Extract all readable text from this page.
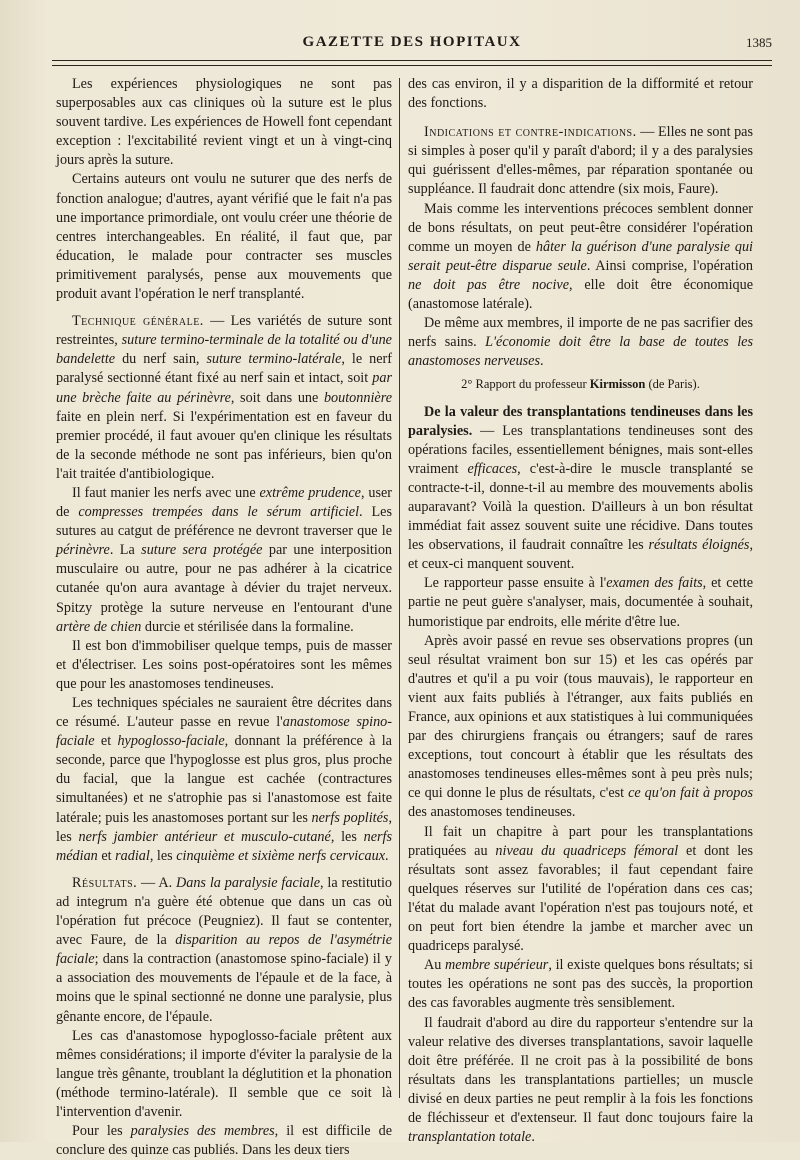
GAZETTE DES HOPITAUX	1385

Les expériences physiologiques ne sont pas superposables aux cas cliniques où la suture est le plus souvent tardive. Les expériences de Howell font cependant exception : l'excitabilité revient vingt et un à vingt-cinq jours après la suture.

Certains auteurs ont voulu ne suturer que des nerfs de fonction analogue; d'autres, ayant vérifié que le fait n'a pas une importance primordiale, ont voulu créer une théorie de centres interchangeables. En réalité, il faut que, par éducation, le malade pour contracter ses muscles primitivement paralysés, pense aux mouvements que produit avant l'opération le nerf transplanté.

Technique générale. — Les variétés de suture sont restreintes, suture termino-terminale de la totalité ou d'une bandelette du nerf sain, suture termino-latérale, le nerf paralysé sectionné étant fixé au nerf sain et intact, soit par une brèche faite au périnèvre, soit dans une boutonnière faite en plein nerf. Si l'expérimentation est en faveur du premier procédé, il faut avouer qu'en clinique les résultats de la seconde méthode ne sont pas inférieurs, bien qu'on l'ait traitée d'antibiologique.

Il faut manier les nerfs avec une extrême prudence, user de compresses trempées dans le sérum artificiel. Les sutures au catgut de préférence ne devront traverser que le périnèvre. La suture sera protégée par une interposition musculaire ou autre, pour ne pas adhérer à la cicatrice cutanée qu'on aura avantage à dévier du trajet nerveux. Spitzy protège la suture nerveuse en l'entourant d'une artère de chien durcie et stérilisée dans la formaline.

Il est bon d'immobiliser quelque temps, puis de masser et d'électriser. Les soins post-opératoires sont les mêmes que pour les anastomoses tendineuses.

Les techniques spéciales ne sauraient être décrites dans ce résumé. L'auteur passe en revue l'anastomose spino-faciale et hypoglosso-faciale, donnant la préférence à la seconde, parce que l'hypoglosse est plus gros, plus proche du facial, que la langue est cachée (contractures simultanées) et ne s'atrophie pas si l'anastomose est faite latérale; puis les anastomoses portant sur les nerfs poplités, les nerfs jambier antérieur et musculo-cutané, les nerfs médian et radial, les cinquième et sixième nerfs cervicaux.

Résultats. — A. Dans la paralysie faciale, la restitutio ad integrum n'a guère été obtenue que dans un cas où l'opération fut précoce (Peugniez). Il faut se contenter, avec Faure, de la disparition au repos de l'asymétrie faciale; dans la contraction (anastomose spino-faciale) il y a association des mouvements de l'épaule et de la face, à moins que le spinal sectionné ne donne une paralysie, plus gênante encore, de l'épaule.

Les cas d'anastomose hypoglosso-faciale prêtent aux mêmes considérations; il importe d'éviter la paralysie de la langue très gênante, troublant la déglutition et la phonation (méthode termino-latérale). Il semble que ce soit là l'intervention d'avenir.

Pour les paralysies des membres, il est difficile de conclure des quinze cas publiés. Dans les deux tiers

des cas environ, il y a disparition de la difformité et retour des fonctions.

Indications et contre-indications. — Elles ne sont pas si simples à poser qu'il y paraît d'abord; il y a des paralysies qui guérissent d'elles-mêmes, par réparation spontanée ou suppléance. Il faudrait donc attendre (six mois, Faure).

Mais comme les interventions précoces semblent donner de bons résultats, on peut peut-être considérer l'opération comme un moyen de hâter la guérison d'une paralysie qui serait peut-être disparue seule. Ainsi comprise, l'opération ne doit pas être nocive, elle doit être économique (anastomose latérale).

De même aux membres, il importe de ne pas sacrifier des nerfs sains. L'économie doit être la base de toutes les anastomoses nerveuses.

2° Rapport du professeur Kirmisson (de Paris).

De la valeur des transplantations tendineuses dans les paralysies. — Les transplantations tendineuses sont des opérations faciles, essentiellement bénignes, mais sont-elles vraiment efficaces, c'est-à-dire le muscle transplanté se contracte-t-il, donne-t-il au membre des mouvements abolis auparavant? Voilà la question. D'ailleurs à un bon résultat immédiat fait assez souvent suite une récidive. Dans toutes les observations, il faudrait connaître les résultats éloignés, et ceux-ci manquent souvent.

Le rapporteur passe ensuite à l'examen des faits, et cette partie ne peut guère s'analyser, mais, documentée à souhait, humoristique par endroits, elle mérite d'être lue.

Après avoir passé en revue ses observations propres (un seul résultat vraiment bon sur 15) et les cas opérés par d'autres et qu'il a pu voir (tous mauvais), le rapporteur en vient aux faits publiés à l'étranger, aux faits publiés en France, aux opinions et aux statistiques à lui communiquées par des chirurgiens français ou étrangers; sauf de rares exceptions, tout concourt à établir que les résultats des anastomoses tendineuses elles-mêmes sont à peu près nuls; ce qui donne le plus de résultats, c'est ce qu'on fait à propos des anastomoses tendineuses.

Il fait un chapitre à part pour les transplantations pratiquées au niveau du quadriceps fémoral et dont les résultats sont assez favorables; il faut cependant faire quelques réserves sur l'utilité de l'opération dans ces cas; l'état du malade avant l'opération n'est pas toujours noté, et on peut fort bien étendre la jambe et marcher avec un quadriceps paralysé.

Au membre supérieur, il existe quelques bons résultats; si toutes les opérations ne sont pas des succès, la proportion des cas favorables augmente très sensiblement.

Il faudrait d'abord au dire du rapporteur s'entendre sur la valeur relative des diverses transplantations, savoir laquelle doit être préférée. Il ne croit pas à la possibilité de bons résultats dans les transplantations partielles; un muscle divisé en deux parties ne peut remplir à la fois les fonctions de fléchisseur et d'extenseur. Il faut donc toujours faire la transplantation totale.
